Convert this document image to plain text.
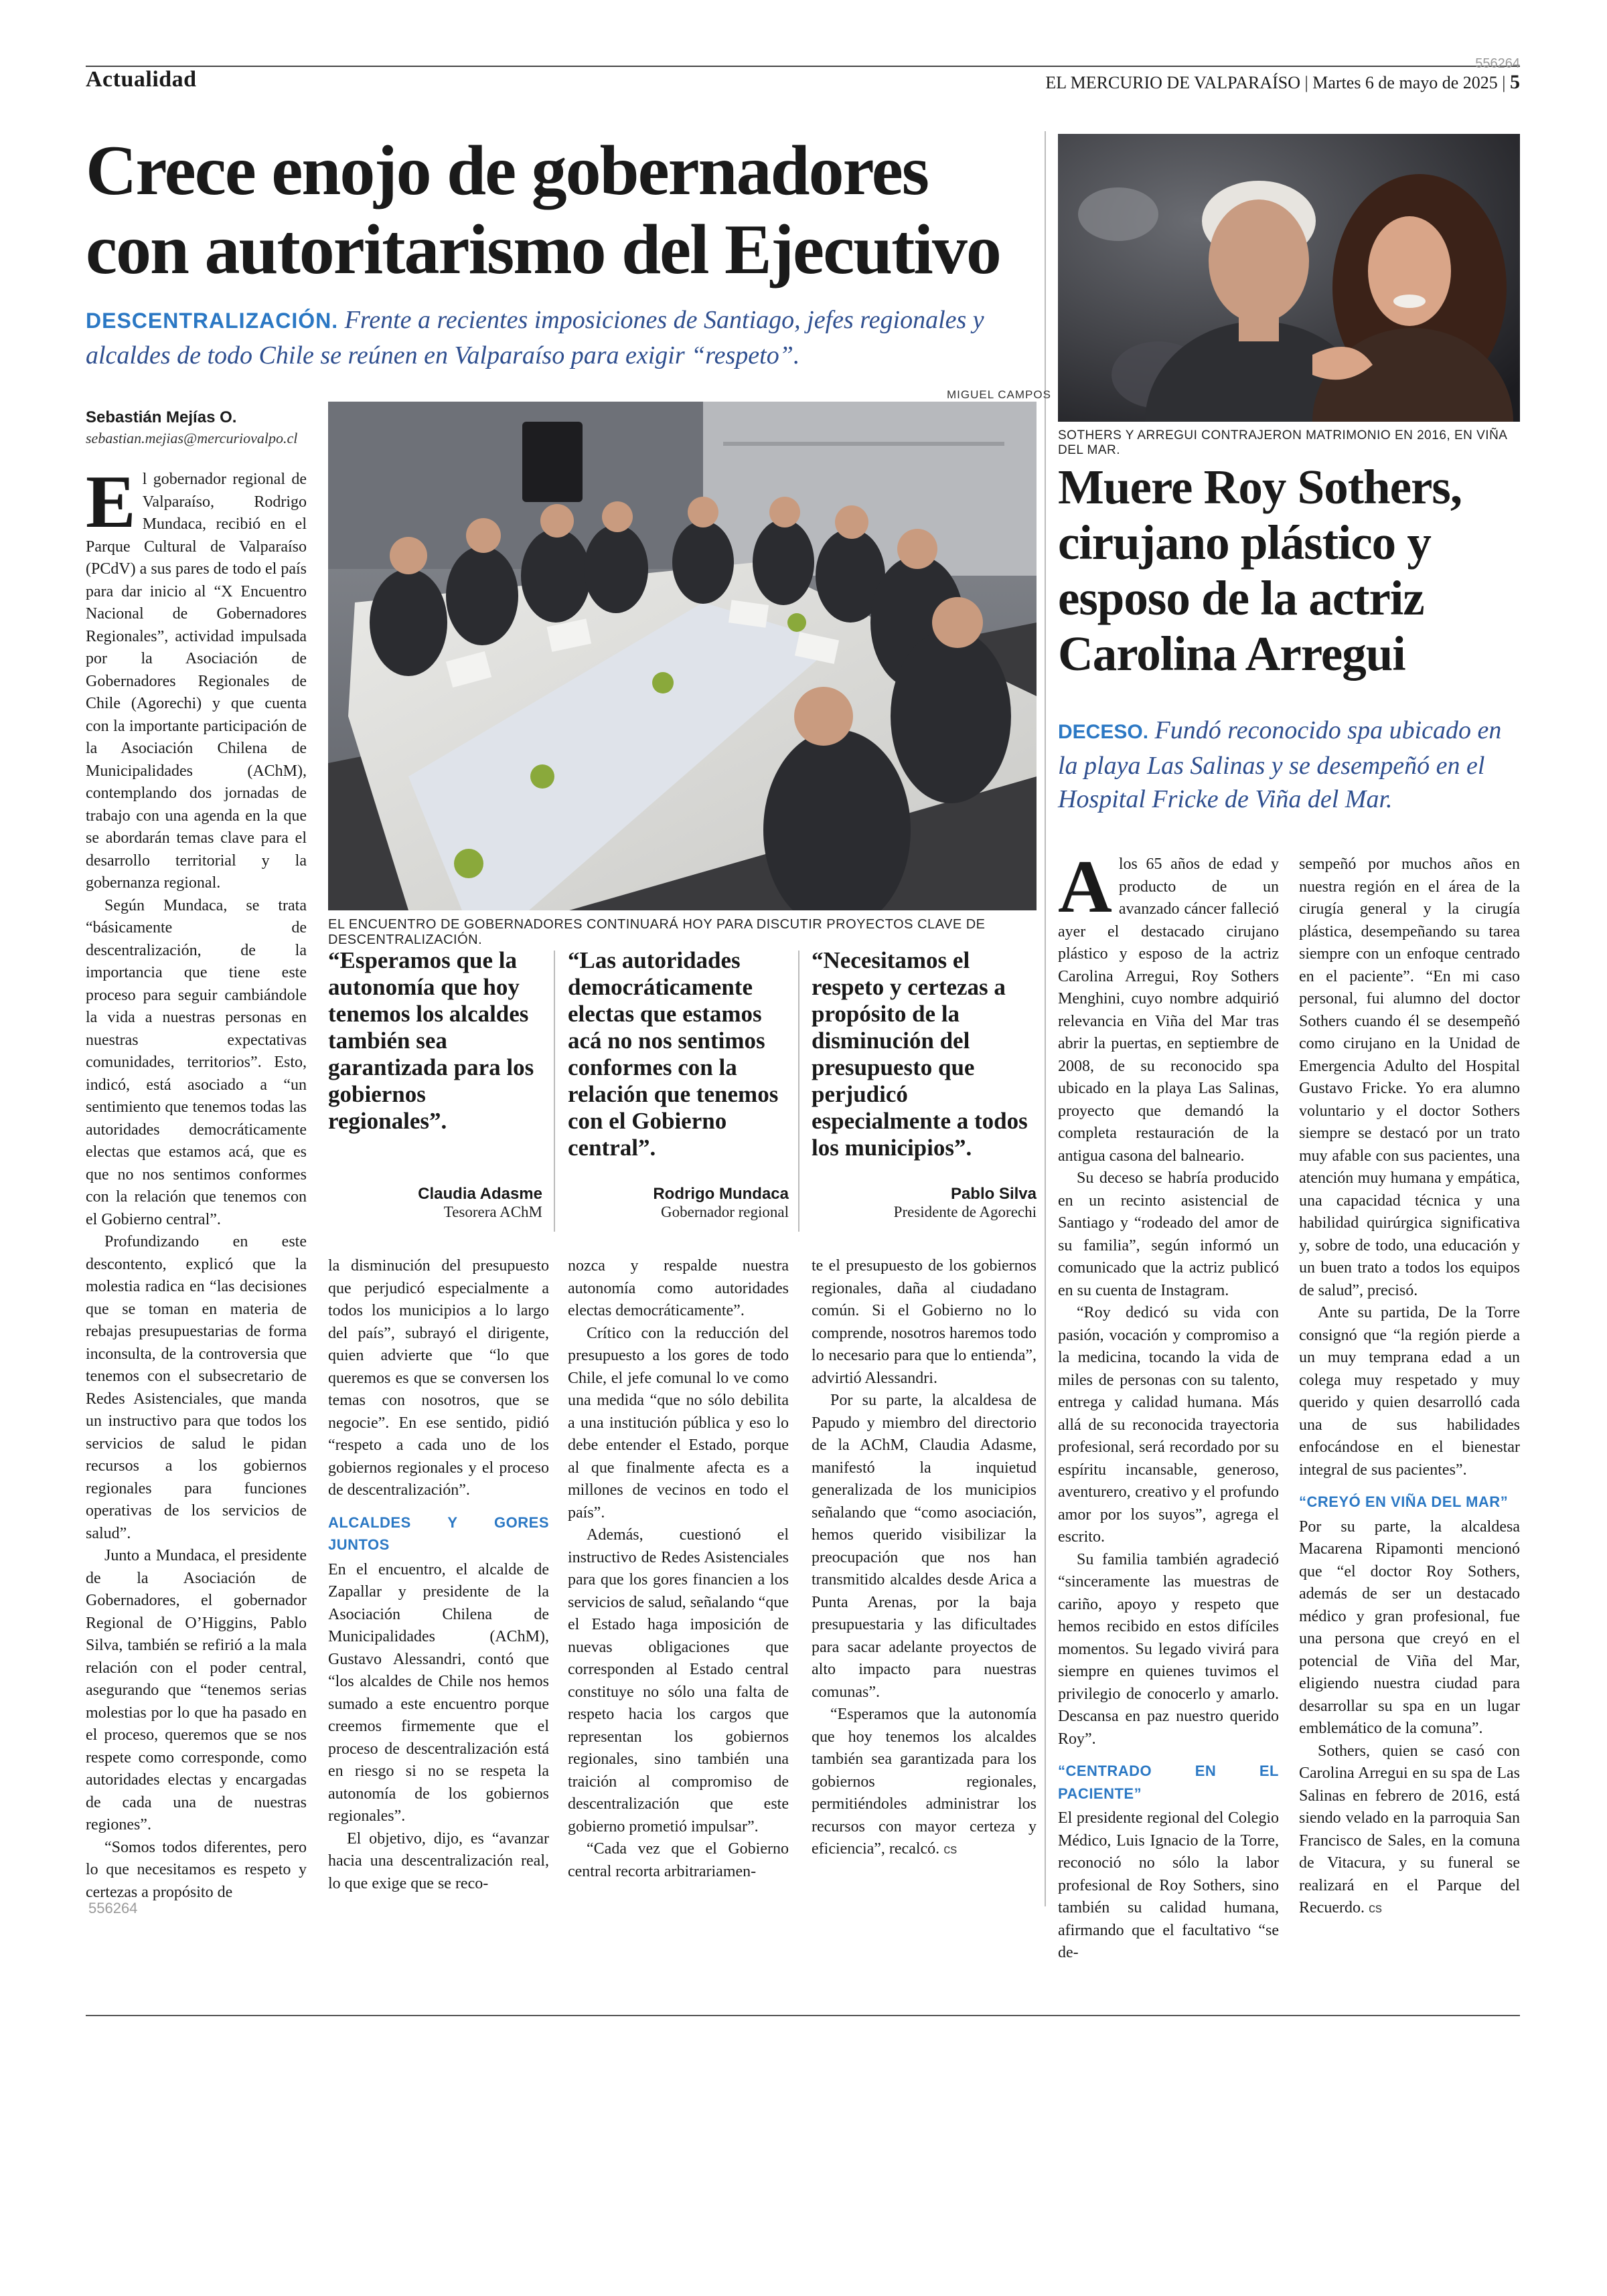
Actualidad
556264
EL MERCURIO DE VALPARAÍSO | Martes 6 de mayo de 2025 | 5
Crece enojo de gobernadores con autoritarismo del Ejecutivo
DESCENTRALIZACIÓN. Frente a recientes imposiciones de Santiago, jefes regionales y alcaldes de todo Chile se reúnen en Valparaíso para exigir “respeto”.
Sebastián Mejías O.
sebastian.mejias@mercuriovalpo.cl
MIGUEL CAMPOS
EL ENCUENTRO DE GOBERNADORES CONTINUARÁ HOY PARA DISCUTIR PROYECTOS CLAVE DE DESCENTRALIZACIÓN.

El gobernador regional de Valparaíso, Rodrigo Mundaca, recibió en el Parque Cultural de Valparaíso (PCdV) a sus pares de todo el país para dar inicio al “X Encuentro Nacional de Gobernadores Regionales”, actividad impulsada por la Asociación de Gobernadores Regionales de Chile (Agorechi) y que cuenta con la importante participación de la Asociación Chilena de Municipalidades (AChM), contemplando dos jornadas de trabajo con una agenda en la que se abordarán temas clave para el desarrollo territorial y la gobernanza regional.

Según Mundaca, se trata “básicamente de descentralización, de la importancia que tiene este proceso para seguir cambiándole la vida a nuestras personas en nuestras expectativas comunidades, territorios”. Esto, indicó, está asociado a “un sentimiento que tenemos todas las autoridades democráticamente electas que estamos acá, que es que no nos sentimos conformes con la relación que tenemos con el Gobierno central”.

Profundizando en este descontento, explicó que la molestia radica en “las decisiones que se toman en materia de rebajas presupuestarias de forma inconsulta, de la controversia que tenemos con el subsecretario de Redes Asistenciales, que manda un instructivo para que todos los servicios de salud le pidan recursos a los gobiernos regionales para funciones operativas de los servicios de salud”.

Junto a Mundaca, el presidente de la Asociación de Gobernadores, el gobernador Regional de O’Higgins, Pablo Silva, también se refirió a la mala relación con el poder central, asegurando que “tenemos serias molestias por lo que ha pasado en el proceso, queremos que se nos respete como corresponde, como autoridades electas y encargadas de cada una de nuestras regiones”.

“Somos todos diferentes, pero lo que necesitamos es respeto y certezas a propósito de

“Esperamos que la autonomía que hoy tenemos los alcaldes también sea garantizada para los gobiernos regionales”.
Claudia Adasme
Tesorera AChM
“Las autoridades democráticamente electas que estamos acá no nos sentimos conformes con la relación que tenemos con el Gobierno central”.
Rodrigo Mundaca
Gobernador regional
“Necesitamos el respeto y certezas a propósito de la disminución del presupuesto que perjudicó especialmente a todos los municipios”.
Pablo Silva
Presidente de Agorechi

la disminución del presupuesto que perjudicó especialmente a todos los municipios a lo largo del país”, subrayó el dirigente, quien advierte que “lo que queremos es que se conversen los temas con nosotros, que se negocie”. En ese sentido, pidió “respeto a cada uno de los gobiernos regionales y el proceso de descentralización”.

ALCALDES Y GORES JUNTOS

En el encuentro, el alcalde de Zapallar y presidente de la Asociación Chilena de Municipalidades (AChM), Gustavo Alessandri, contó que “los alcaldes de Chile nos hemos sumado a este encuentro porque creemos firmemente que el proceso de descentralización está en riesgo si no se respeta la autonomía de los gobiernos regionales”.

El objetivo, dijo, es “avanzar hacia una descentralización real, lo que exige que se reco-

nozca y respalde nuestra autonomía como autoridades electas democráticamente”.

Crítico con la reducción del presupuesto a los gores de todo Chile, el jefe comunal lo ve como una medida “que no sólo debilita a una institución pública y eso lo debe entender el Estado, porque al que finalmente afecta es a millones de vecinos en todo el país”.

Además, cuestionó el instructivo de Redes Asistenciales para que los gores financien a los servicios de salud, señalando “que el Estado haga imposición de nuevas obligaciones que corresponden al Estado central constituye no sólo una falta de respeto hacia los cargos que representan los gobiernos regionales, sino también una traición al compromiso de descentralización que este gobierno prometió impulsar”.

“Cada vez que el Gobierno central recorta arbitrariamen-

te el presupuesto de los gobiernos regionales, daña al ciudadano común. Si el Gobierno no lo comprende, nosotros haremos todo lo necesario para que lo entienda”, advirtió Alessandri.

Por su parte, la alcaldesa de Papudo y miembro del directorio de la AChM, Claudia Adasme, manifestó la inquietud generalizada de los municipios señalando que “como asociación, hemos querido visibilizar la preocupación que nos han transmitido alcaldes desde Arica a Punta Arenas, por la baja presupuestaria y las dificultades para sacar adelante proyectos de alto impacto para nuestras comunas”.

“Esperamos que la autonomía que hoy tenemos los alcaldes también sea garantizada para los gobiernos regionales, permitiéndoles administrar los recursos con mayor certeza y eficiencia”, recalcó. cs

SOTHERS Y ARREGUI CONTRAJERON MATRIMONIO EN 2016, EN VIÑA DEL MAR.
Muere Roy Sothers, cirujano plástico y esposo de la actriz Carolina Arregui
DECESO. Fundó reconocido spa ubicado en la playa Las Salinas y se desempeñó en el Hospital Fricke de Viña del Mar.

Alos 65 años de edad y producto de un avanzado cáncer falleció ayer el destacado cirujano plástico y esposo de la actriz Carolina Arregui, Roy Sothers Menghini, cuyo nombre adquirió relevancia en Viña del Mar tras abrir la puertas, en septiembre de 2008, de su reconocido spa ubicado en la playa Las Salinas, proyecto que demandó la completa restauración de la antigua casona del balneario.

Su deceso se habría producido en un recinto asistencial de Santiago y “rodeado del amor de su familia”, según informó un comunicado que la actriz publicó en su cuenta de Instagram.

“Roy dedicó su vida con pasión, vocación y compromiso a la medicina, tocando la vida de miles de personas con su talento, entrega y calidad humana. Más allá de su reconocida trayectoria profesional, será recordado por su espíritu incansable, generoso, aventurero, creativo y el profundo amor por los suyos”, agrega el escrito.

Su familia también agradeció “sinceramente las muestras de cariño, apoyo y respeto que hemos recibido en estos difíciles momentos. Su legado vivirá para siempre en quienes tuvimos el privilegio de conocerlo y amarlo. Descansa en paz nuestro querido Roy”.

“CENTRADO EN EL PACIENTE”

El presidente regional del Colegio Médico, Luis Ignacio de la Torre, reconoció no sólo la labor profesional de Roy Sothers, sino también su calidad humana, afirmando que el facultativo “se de-

sempeñó por muchos años en nuestra región en el área de la cirugía general y la cirugía plástica, desempeñando su tarea siempre con un enfoque centrado en el paciente”. “En mi caso personal, fui alumno del doctor Sothers cuando él se desempeñó como cirujano en la Unidad de Emergencia Adulto del Hospital Gustavo Fricke. Yo era alumno voluntario y el doctor Sothers siempre se destacó por un trato muy afable con sus pacientes, una atención muy humana y empática, una capacidad técnica y una habilidad quirúrgica significativa y, sobre de todo, una educación y un buen trato a todos los equipos de salud”, precisó.

Ante su partida, De la Torre consignó que “la región pierde a un muy temprana edad a un colega muy respetado y muy querido y quien desarrolló cada una de sus habilidades enfocándose en el bienestar integral de sus pacientes”.

“CREYÓ EN VIÑA DEL MAR”

Por su parte, la alcaldesa Macarena Ripamonti mencionó que “el doctor Roy Sothers, además de ser un destacado médico y gran profesional, fue una persona que creyó en el potencial de Viña del Mar, eligiendo nuestra ciudad para desarrollar su spa en un lugar emblemático de la comuna”.

Sothers, quien se casó con Carolina Arregui en su spa de Las Salinas en febrero de 2016, está siendo velado en la parroquia San Francisco de Sales, en la comuna de Vitacura, y su funeral se realizará en el Parque del Recuerdo. cs

556264
